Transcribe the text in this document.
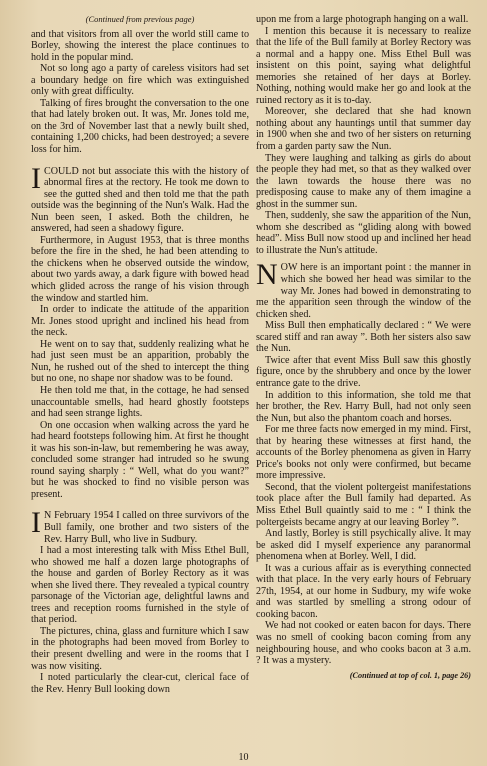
(Continued from previous page)

and that visitors from all over the world still came to Borley, showing the interest the place continues to hold in the popular mind.

Not so long ago a party of careless visitors had set a boundary hedge on fire which was extinguished only with great difficulty.

Talking of fires brought the conversation to the one that had lately broken out. It was, Mr. Jones told me, on the 3rd of November last that a newly built shed, containing 1,200 chicks, had been destroyed; a severe loss for him.

ICOULD not but associate this with the history of abnormal fires at the rectory. He took me down to see the gutted shed and then told me that the path outside was the beginning of the Nun's Walk. Had the Nun been seen, I asked. Both the children, he answered, had seen a shadowy figure.

Furthermore, in August 1953, that is three months before the fire in the shed, he had been attending to the chickens when he observed outside the window, about two yards away, a dark figure with bowed head which glided across the range of his vision through the window and startled him.

In order to indicate the attitude of the apparition Mr. Jones stood upright and inclined his head from the neck.

He went on to say that, suddenly realizing what he had just seen must be an apparition, probably the Nun, he rushed out of the shed to intercept the thing but no one, no shape nor shadow was to be found.

He then told me that, in the cottage, he had sensed unaccountable smells, had heard ghostly footsteps and had seen strange lights.

On one occasion when walking across the yard he had heard footsteps following him. At first he thought it was his son-in-law, but remembering he was away, concluded some stranger had intruded so he swung round saying sharply : “ Well, what do you want?” but he was shocked to find no visible person was present.

I N February 1954 I called on three survivors of the Bull family, one brother and two sisters of the Rev. Harry Bull, who live in Sudbury.

I had a most interesting talk with Miss Ethel Bull, who showed me half a dozen large photographs of the house and garden of Borley Rectory as it was when she lived there. They revealed a typical country parsonage of the Victorian age, delightful lawns and trees and reception rooms furnished in the style of that period.

The pictures, china, glass and furniture which I saw in the photographs had been moved from Borley to their present dwelling and were in the rooms that I was now visiting.

I noted particularly the clear-cut, clerical face of the Rev. Henry Bull looking down

upon me from a large photograph hanging on a wall.

I mention this because it is necessary to realize that the life of the Bull family at Borley Rectory was a normal and a happy one. Miss Ethel Bull was insistent on this point, saying what delightful memories she retained of her days at Borley. Nothing, nothing would make her go and look at the ruined rectory as it is to-day.

Moreover, she declared that she had known nothing about any hauntings until that summer day in 1900 when she and two of her sisters on returning from a garden party saw the Nun.

They were laughing and talking as girls do about the people they had met, so that as they walked over the lawn towards the house there was no predisposing cause to make any of them imagine a ghost in the summer sun.

Then, suddenly, she saw the apparition of the Nun, whom she described as “gliding along with bowed head”. Miss Bull now stood up and inclined her head to illustrate the Nun's attitude.

NOW here is an important point : the manner in which she bowed her head was similar to the way Mr. Jones had bowed in demonstrating to me the apparition seen through the window of the chicken shed.

Miss Bull then emphatically declared : “ We were scared stiff and ran away ”. Both her sisters also saw the Nun.

Twice after that event Miss Bull saw this ghostly figure, once by the shrubbery and once by the lower entrance gate to the drive.

In addition to this information, she told me that her brother, the Rev. Harry Bull, had not only seen the Nun, but also the phantom coach and horses.

For me three facts now emerged in my mind. First, that by hearing these witnesses at first hand, the accounts of the Borley phenomena as given in Harry Price's books not only were confirmed, but became more impressive.

Second, that the violent poltergeist manifestations took place after the Bull family had departed. As Miss Ethel Bull quaintly said to me : “ I think the poltergeists became angry at our leaving Borley ”.

And lastly, Borley is still psychically alive. It may be asked did I myself experience any paranormal phenomena when at Borley. Well, I did.

It was a curious affair as is everything connected with that place. In the very early hours of February 27th, 1954, at our home in Sudbury, my wife woke and was startled by smelling a strong odour of cooking bacon.

We had not cooked or eaten bacon for days. There was no smell of cooking bacon coming from any neighbouring house, and who cooks bacon at 3 a.m. ? It was a mystery.

(Continued at top of col. 1, page 26)
10
